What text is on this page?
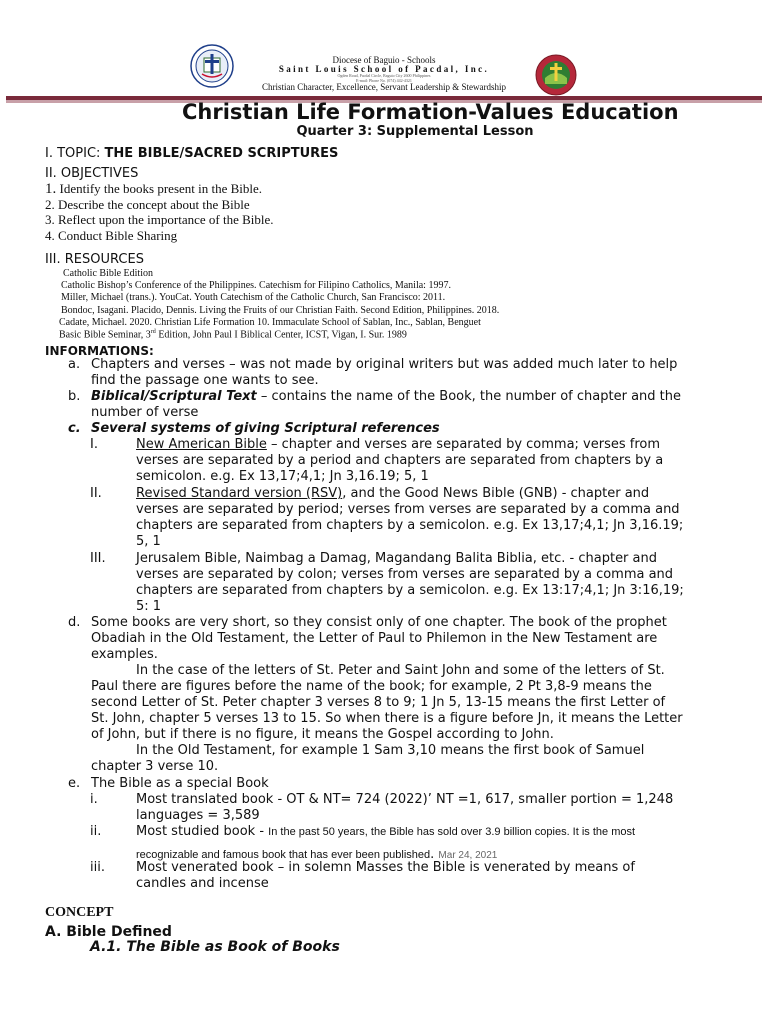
Diocese of Baguio - Schools
Saint Louis School of Pacdal, Inc.
Ogden Road, Pacdal Circle, Baguio City 2600 Philippines
E-mail: Phone No. (074) 442-4321
Christian Character, Excellence, Servant Leadership & Stewardship
Christian Life Formation-Values Education
Quarter 3: Supplemental Lesson
I. TOPIC: THE BIBLE/SACRED SCRIPTURES
II. OBJECTIVES
1. Identify the books present in the Bible.
2. Describe the concept about the Bible
3. Reflect upon the importance of the Bible.
4. Conduct Bible Sharing
III. RESOURCES
Catholic Bible Edition
Catholic Bishop’s Conference of the Philippines. Catechism for Filipino Catholics, Manila: 1997.
Miller, Michael (trans.). YouCat. Youth Catechism of the Catholic Church, San Francisco: 2011.
Bondoc, Isagani. Placido, Dennis. Living the Fruits of our Christian Faith. Second Edition, Philippines. 2018.
Cadate, Michael. 2020. Christian Life Formation 10. Immaculate School of Sablan, Inc., Sablan, Benguet
Basic Bible Seminar, 3rd Edition, John Paul I Biblical Center, ICST, Vigan, I. Sur. 1989
INFORMATIONS:
a. Chapters and verses – was not made by original writers but was added much later to help
find the passage one wants to see.
b. Biblical/Scriptural Text – contains the name of the Book, the number of chapter and the
number of verse
c. Several systems of giving Scriptural references
I.	New American Bible – chapter and verses are separated by comma; verses from
verses are separated by a period and chapters are separated from chapters by a
semicolon. e.g. Ex 13,17;4,1; Jn 3,16.19; 5, 1
II.	Revised Standard version (RSV), and the Good News Bible (GNB) - chapter and
verses are separated by period; verses from verses are separated by a comma and
chapters are separated from chapters by a semicolon. e.g. Ex 13,17;4,1; Jn 3,16.19;
5, 1
III. Jerusalem Bible, Naimbag a Damag, Magandang Balita Biblia, etc. - chapter and
verses are separated by colon; verses from verses are separated by a comma and
chapters are separated from chapters by a semicolon. e.g. Ex 13:17;4,1; Jn 3:16,19;
5: 1
d. Some books are very short, so they consist only of one chapter. The book of the prophet
Obadiah in the Old Testament, the Letter of Paul to Philemon in the New Testament are
examples.
In the case of the letters of St. Peter and Saint John and some of the letters of St.
Paul there are figures before the name of the book; for example, 2 Pt 3,8-9 means the
second Letter of St. Peter chapter 3 verses 8 to 9; 1 Jn 5, 13-15 means the first Letter of
St. John, chapter 5 verses 13 to 15. So when there is a figure before Jn, it means the Letter
of John, but if there is no figure, it means the Gospel according to John.
In the Old Testament, for example 1 Sam 3,10 means the first book of Samuel
chapter 3 verse 10.
e. The Bible as a special Book
i.	Most translated book - OT & NT= 724 (2022)’ NT =1, 617, smaller portion = 1,248
languages = 3,589
ii.	Most studied book - In the past 50 years, the Bible has sold over 3.9 billion copies. It is the most
recognizable and famous book that has ever been published. Mar 24, 2021
iii. Most venerated book – in solemn Masses the Bible is venerated by means of
candles and incense
CONCEPT
A. Bible Defined
A.1. The Bible as Book of Books
